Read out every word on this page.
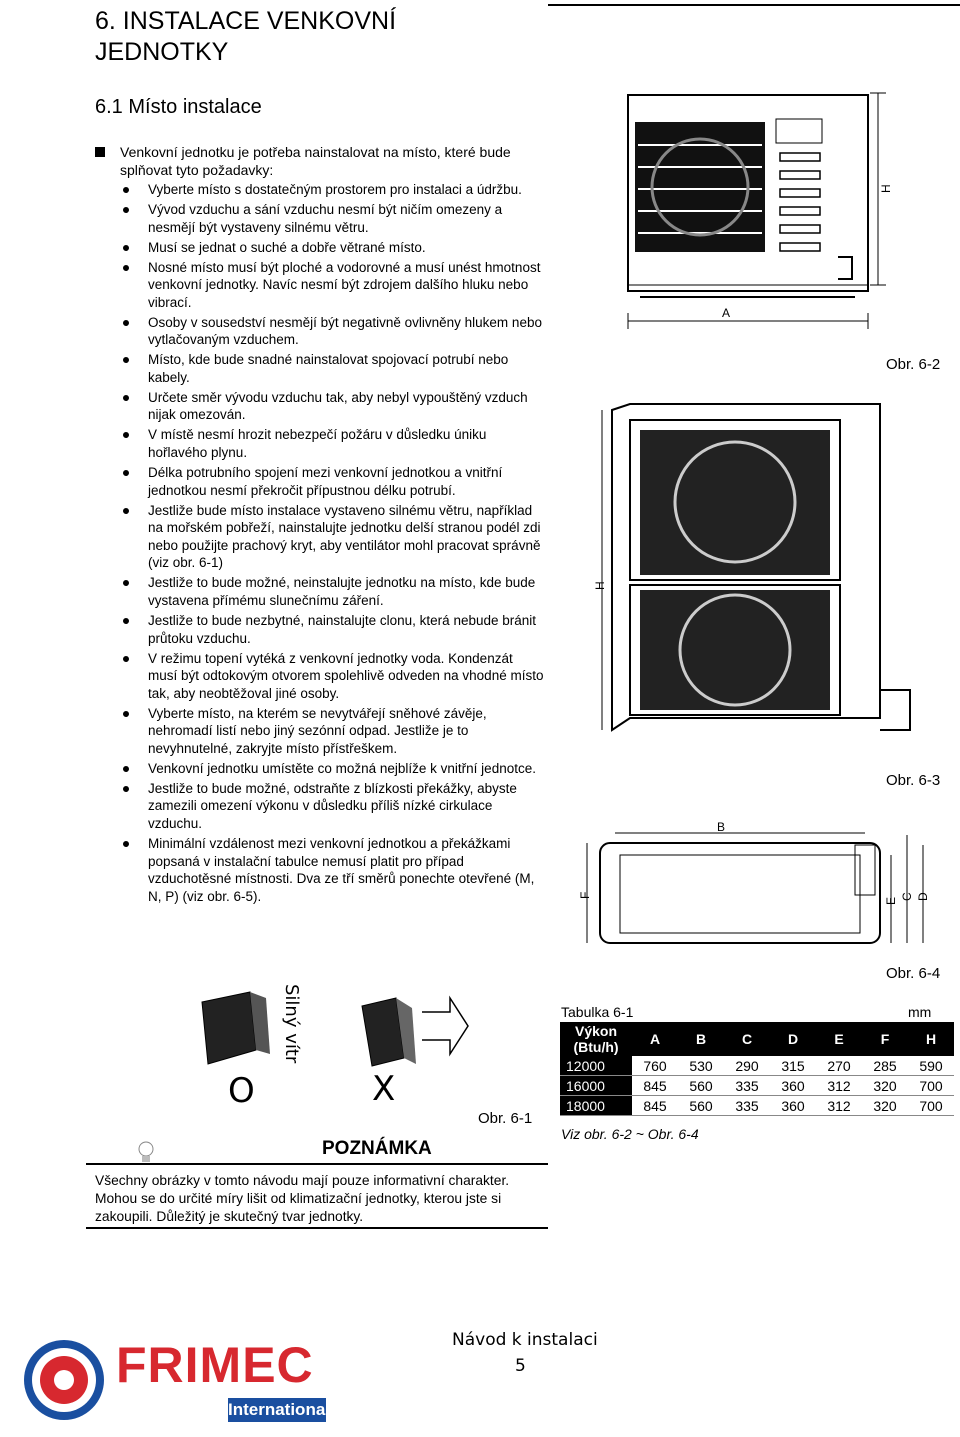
6. INSTALACE VENKOVNÍ
JEDNOTKY
6.1 Místo instalace
Venkovní jednotku je potřeba nainstalovat na místo, které bude splňovat tyto požadavky:
Vyberte místo s dostatečným prostorem pro instalaci a údržbu.
Vývod vzduchu a sání vzduchu nesmí být ničím omezeny a nesmějí být vystaveny silnému větru.
Musí se jednat o suché a dobře větrané místo.
Nosné místo musí být ploché a vodorovné a musí unést hmotnost venkovní jednotky. Navíc nesmí být zdrojem dalšího hluku nebo vibrací.
Osoby v sousedství nesmějí být negativně ovlivněny hlukem nebo vytlačovaným vzduchem.
Místo, kde bude snadné nainstalovat spojovací potrubí nebo kabely.
Určete směr vývodu vzduchu tak, aby nebyl vypouštěný vzduch nijak omezován.
V místě nesmí hrozit nebezpečí požáru v důsledku úniku hořlavého plynu.
Délka potrubního spojení mezi venkovní jednotkou a vnitřní jednotkou nesmí překročit přípustnou délku potrubí.
Jestliže bude místo instalace vystaveno silnému větru, například na mořském pobřeží, nainstalujte jednotku delší stranou podél zdi nebo použijte prachový kryt, aby ventilátor mohl pracovat správně (viz obr. 6-1)
Jestliže to bude možné, neinstalujte jednotku na místo, kde bude vystavena přímému slunečnímu záření.
Jestliže to bude nezbytné, nainstalujte clonu, která nebude bránit průtoku vzduchu.
V režimu topení vytéká z venkovní jednotky voda. Kondenzát musí být odtokovým otvorem spolehlivě odveden na vhodné místo tak, aby neobtěžoval jiné osoby.
Vyberte místo, na kterém se nevytvářejí sněhové závěje, nehromadí listí nebo jiný sezónní odpad. Jestliže je to nevyhnutelné, zakryjte místo přístřeškem.
Venkovní jednotku umístěte co možná nejblíže k vnitřní jednotce.
Jestliže to bude možné, odstraňte z blízkosti překážky, abyste zamezili omezení výkonu v důsledku příliš nízké cirkulace vzduchu.
Minimální vzdálenost mezi venkovní jednotkou a překážkami popsaná v instalační tabulce nemusí platit pro případ vzduchotěsné místnosti. Dva ze tří směrů ponechte otevřené (M, N, P) (viz obr. 6-5).
H
A
Obr. 6-2
H
Obr. 6-3
B
F
E C D
Obr. 6-4
Silný vítr
O	X
Obr. 6-1
Tabulka 6-1	mm
Výkon (Btu/h)	A	B	C	D	E	F	H
12000	760	530	290	315	270	285	590
16000	845	560	335	360	312	320	700
18000	845	560	335	360	312	320	700
Viz obr. 6-2 ~ Obr. 6-4
POZNÁMKA
Všechny obrázky v tomto návodu mají pouze informativní charakter. Mohou se do určité míry lišit od klimatizační jednotky, kterou jste si zakoupili. Důležitý je skutečný tvar jednotky.
Návod k instalaci
5
FRIMEC
International
